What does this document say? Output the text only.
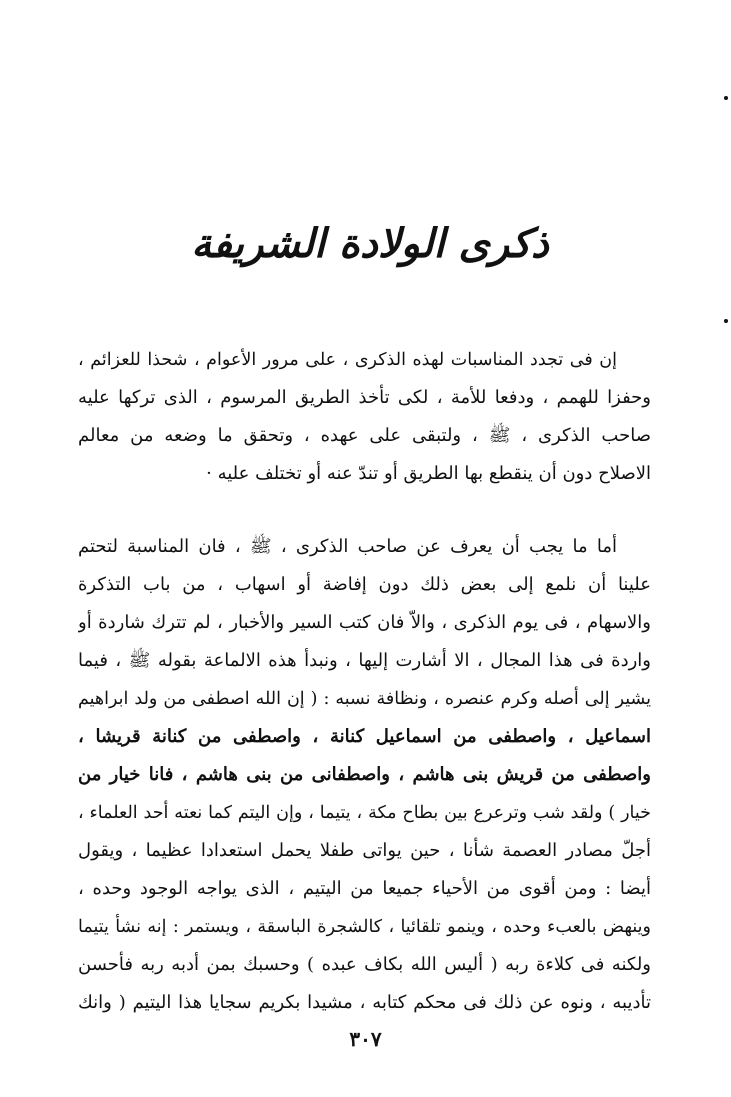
ذكرى الولادة الشريفة
إن فى تجدد المناسبات لهذه الذكرى ، على مرور الأعوام ، شحذا للعزائم ،
وحفزا للهمم ، ودفعا للأمة ، لكى تأخذ الطريق المرسوم ، الذى تركها عليه
صاحب الذكرى ، ﷺ ، ولتبقى على عهده ، وتحقق ما وضعه من معالم
الاصلاح دون أن ينقطع بها الطريق أو تندّ عنه أو تختلف عليه ·
أما ما يجب أن يعرف عن صاحب الذكرى ، ﷺ ، فان المناسبة لتحتم
علينا أن نلمع إلى بعض ذلك دون إفاضة أو اسهاب ، من باب التذكرة
والاسهام ، فى يوم الذكرى ، والاّ فان كتب السير والأخبار ، لم تترك شاردة أو
واردة فى هذا المجال ، الا أشارت إليها ، ونبدأ هذه الالماعة بقوله ﷺ ، فيما
يشير إلى أصله وكرم عنصره ، ونظافة نسبه : ( إن الله اصطفى من ولد ابراهيم
اسماعيل ، واصطفى من اسماعيل كنانة ، واصطفى من كنانة قريشا ،
واصطفى من قريش بنى هاشم ، واصطفانى من بنى هاشم ، فانا خيار من
خيار ) ولقد شب وترعرع بين بطاح مكة ، يتيما ، وإن اليتم كما نعته أحد العلماء ،
أجلّ مصادر العصمة شأنا ، حين يواتى طفلا يحمل استعدادا عظيما ، ويقول
أيضا : ومن أقوى من الأحياء جميعا من اليتيم ، الذى يواجه الوجود وحده ،
وينهض بالعبء وحده ، وينمو تلقائيا ، كالشجرة الباسقة ، ويستمر : إنه نشأ يتيما
ولكنه فى كلاءة ربه ( أليس الله بكاف عبده ) وحسبك بمن أدبه ربه فأحسن
تأديبه ، ونوه عن ذلك فى محكم كتابه ، مشيدا بكريم سجايا هذا اليتيم ( وانك
٣٠٧
